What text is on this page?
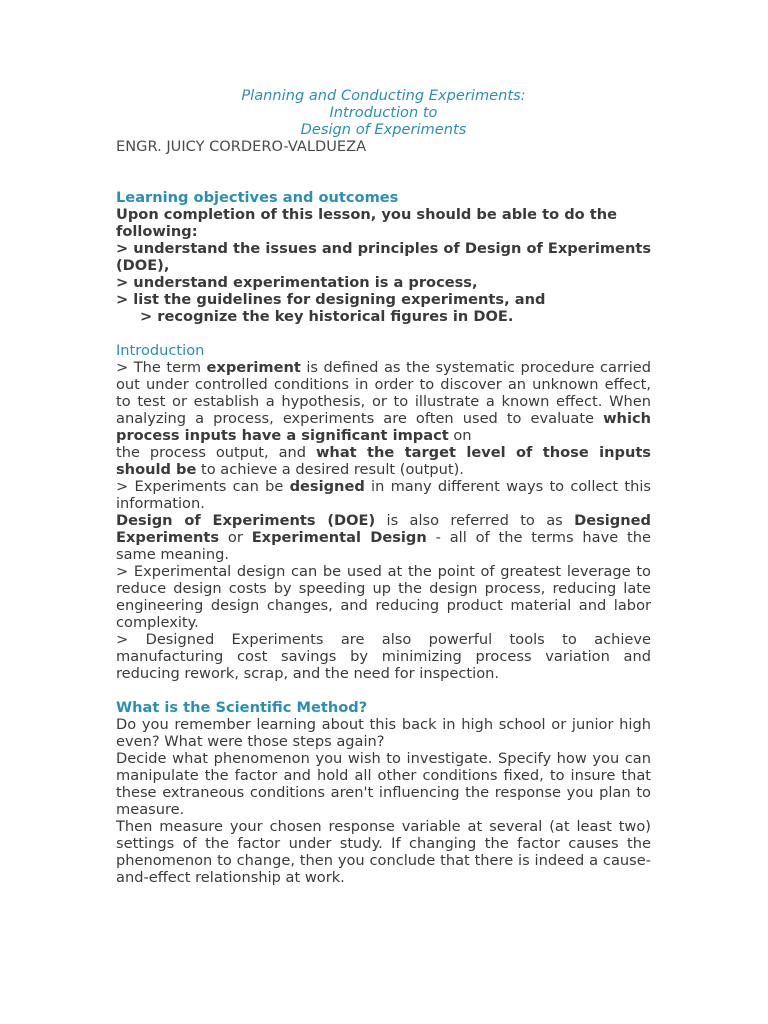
Planning and Conducting Experiments:
Introduction to
Design of Experiments
ENGR. JUICY CORDERO-VALDUEZA
Learning objectives and outcomes

Upon completion of this lesson, you should be able to do the following:

> understand the issues and principles of Design of Experiments (DOE),

> understand experimentation is a process,

> list the guidelines for designing experiments, and

> recognize the key historical figures in DOE.

Introduction

> The term experiment is defined as the systematic procedure carried out under controlled conditions in order to discover an unknown effect, to test or establish a hypothesis, or to illustrate a known effect. When analyzing a process, experiments are often used to evaluate which process inputs have a significant impact on

the process output, and what the target level of those inputs should be to achieve a desired result (output).

> Experiments can be designed in many different ways to collect this information.

Design of Experiments (DOE) is also referred to as Designed Experiments or Experimental Design - all of the terms have the same meaning.

> Experimental design can be used at the point of greatest leverage to reduce design costs by speeding up the design process, reducing late engineering design changes, and reducing product material and labor complexity.

> Designed Experiments are also powerful tools to achieve manufacturing cost savings by minimizing process variation and reducing rework, scrap, and the need for inspection.

What is the Scientific Method?

Do you remember learning about this back in high school or junior high even? What were those steps again?

Decide what phenomenon you wish to investigate. Specify how you can manipulate the factor and hold all other conditions fixed, to insure that these extraneous conditions aren't influencing the response you plan to measure.

Then measure your chosen response variable at several (at least two) settings of the factor under study. If changing the factor causes the phenomenon to change, then you conclude that there is indeed a cause-and-effect relationship at work.
